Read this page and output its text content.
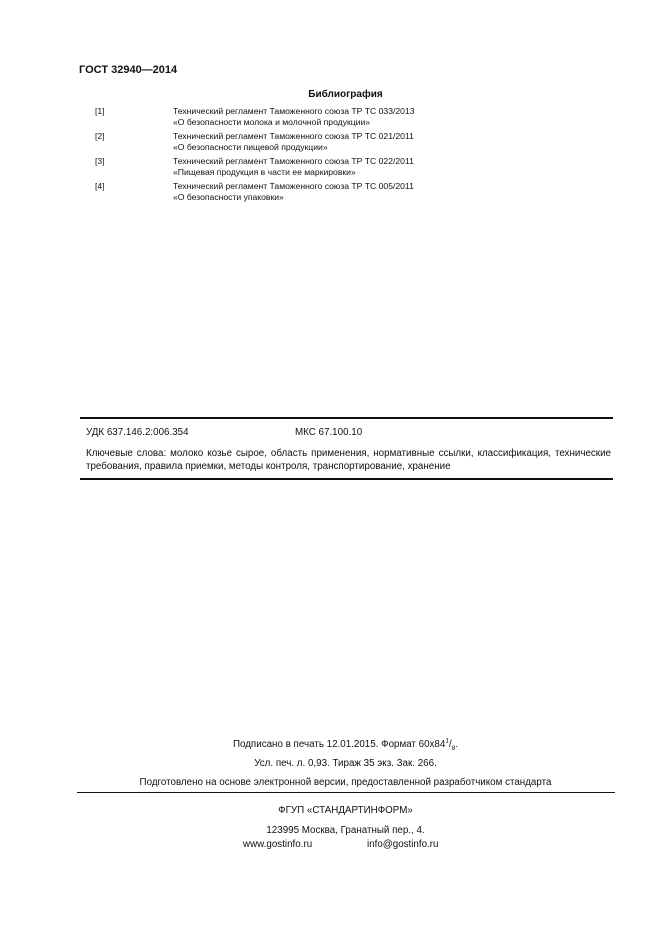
ГОСТ 32940—2014
Библиография
[1]	Технический регламент Таможенного союза ТР ТС 033/2013
«О безопасности молока и молочной продукции»
[2]	Технический регламент Таможенного союза ТР ТС 021/2011
«О безопасности пищевой продукции»
[3]	Технический регламент Таможенного союза ТР ТС 022/2011
«Пищевая продукция в части ее маркировки»
[4]	Технический регламент Таможенного союза ТР ТС 005/2011
«О безопасности упаковки»
УДК 637.146.2:006.354	МКС 67.100.10
Ключевые слова: молоко козье сырое, область применения, нормативные ссылки, классификация, технические требования, правила приемки, методы контроля, транспортирование, хранение
Подписано в печать 12.01.2015. Формат $60х84^1/_8$.
Усл. печ. л. 0,93. Тираж 35 экз. Зак. 266.
Подготовлено на основе электронной версии, предоставленной разработчиком стандарта
ФГУП «СТАНДАРТИНФОРМ»
123995 Москва, Гранатный пер., 4.
www.gostinfo.ru	info@gostinfo.ru
